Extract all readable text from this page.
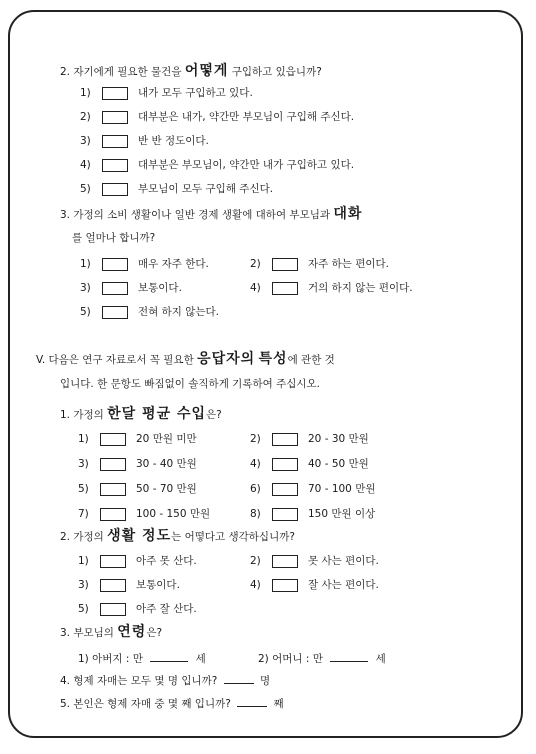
2. 자기에게 필요한 물건을 어떻게 구입하고 있읍니까?
1)	내가 모두 구입하고 있다.
2)	대부분은 내가, 약간만 부모님이 구입해 주신다.
3)	반 반 정도이다.
4)	대부분은 부모님이, 약간만 내가 구입하고 있다.
5)	부모님이 모두 구입해 주신다.
3. 가정의 소비 생활이나 일반 경제 생활에 대하여 부모님과 대화
를 얼마나 합니까?
1)	매우 자주 한다.	2)	자주 하는 편이다.
3)	보통이다.	4)	거의 하지 않는 편이다.
5)	전혀 하지 않는다.
V. 다음은 연구 자료로서 꼭 필요한 응답자의 특성에 관한 것
입니다. 한 문항도 빠짐없이 솔직하게 기록하여 주십시오.
1. 가정의 한달 평균 수입은?
1)	20 만원 미만	2)	20 - 30 만원
3)	30 - 40 만원	4)	40 - 50 만원
5)	50 - 70 만원	6)	70 - 100 만원
7)	100 - 150 만원	8)	150 만원 이상
2. 가정의 생활 정도는 어떻다고 생각하십니까?
1)	아주 못 산다.	2)	못 사는 편이다.
3)	보통이다.	4)	잘 사는 편이다.
5)	아주 잘 산다.
3. 부모님의 연령은?
1) 아버지 : 만	세	2) 어머니 : 만	세
4. 형제 자매는 모두 몇 명 입니까?	명
5. 본인은 형제 자매 중 몇 째 입니까?	째
